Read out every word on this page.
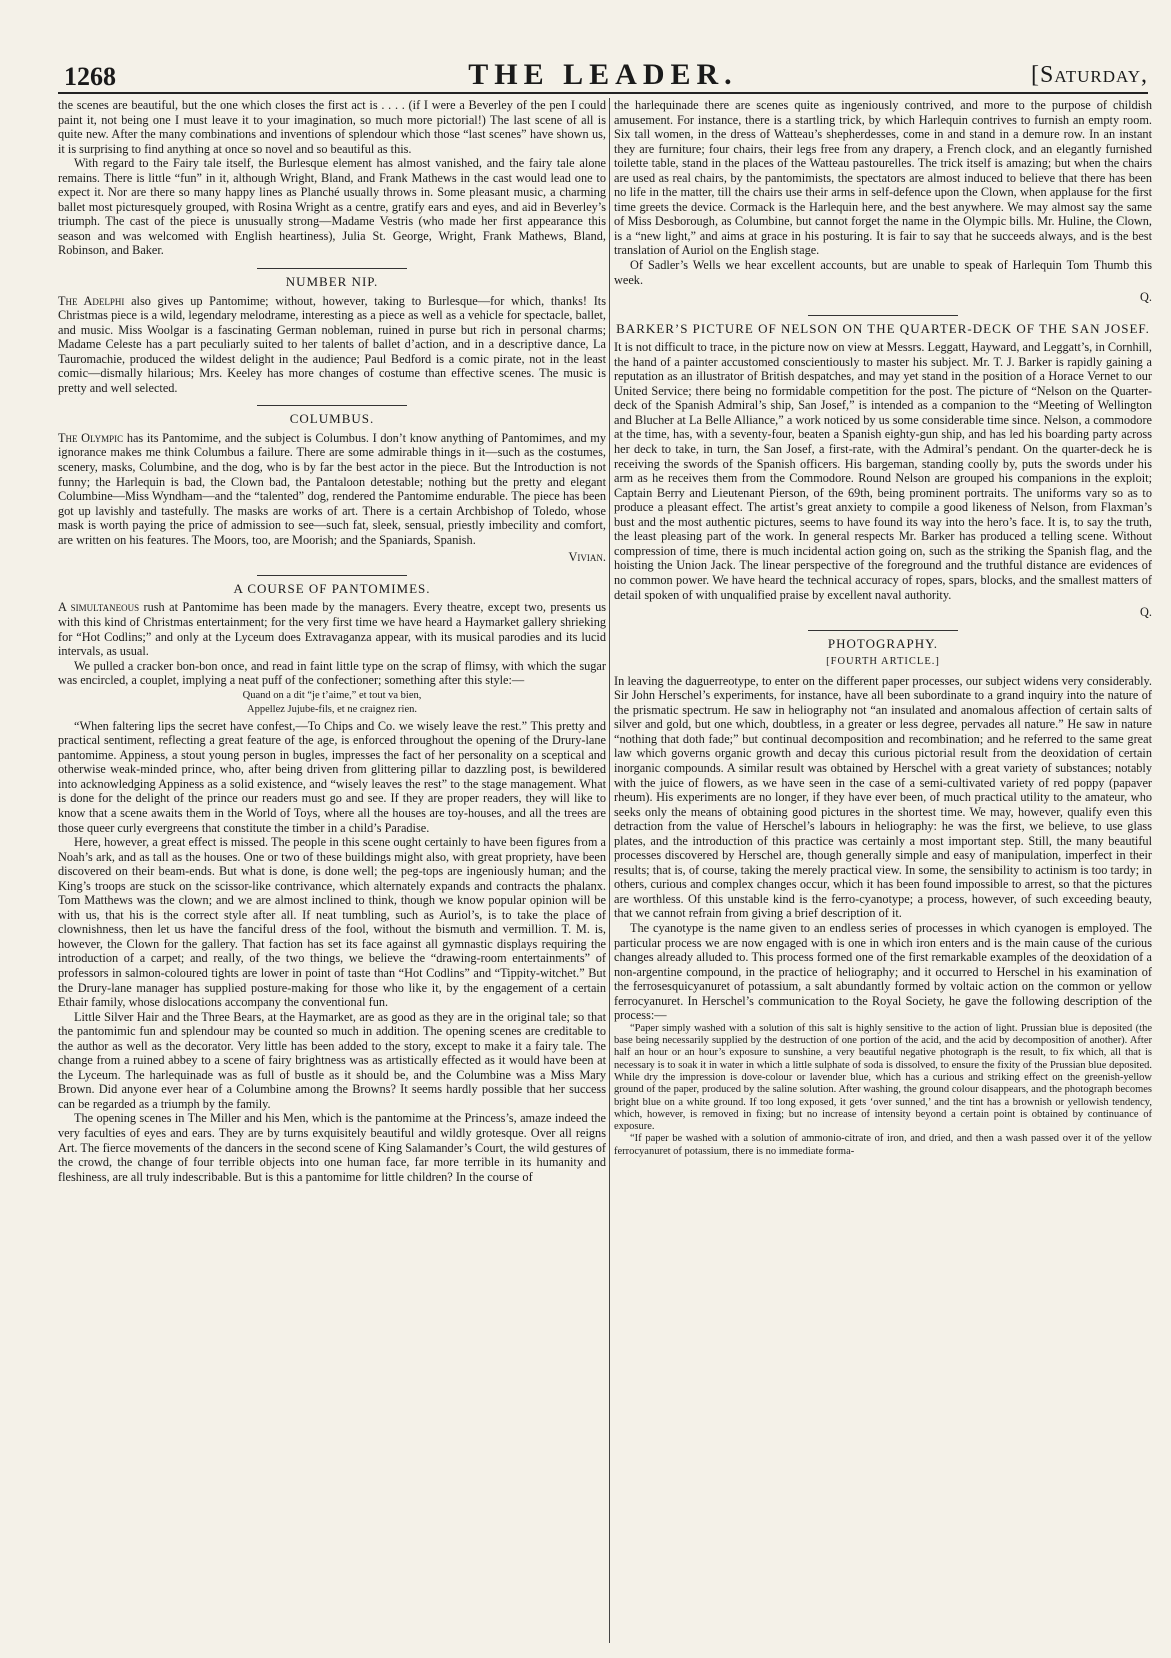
1268	THE LEADER.	[Saturday,

the scenes are beautiful, but the one which closes the first act is . . . . (if I were a Beverley of the pen I could paint it, not being one I must leave it to your imagination, so much more pictorial!) The last scene of all is quite new. After the many combinations and inventions of splendour which those “last scenes” have shown us, it is surprising to find anything at once so novel and so beautiful as this.

With regard to the Fairy tale itself, the Burlesque element has almost vanished, and the fairy tale alone remains. There is little “fun” in it, although Wright, Bland, and Frank Mathews in the cast would lead one to expect it. Nor are there so many happy lines as Planché usually throws in. Some pleasant music, a charming ballet most picturesquely grouped, with Rosina Wright as a centre, gratify ears and eyes, and aid in Beverley’s triumph. The cast of the piece is unusually strong—Madame Vestris (who made her first appearance this season and was welcomed with English heartiness), Julia St. George, Wright, Frank Mathews, Bland, Robinson, and Baker.

NUMBER NIP.

The Adelphi also gives up Pantomime; without, however, taking to Burlesque—for which, thanks! Its Christmas piece is a wild, legendary melodrame, interesting as a piece as well as a vehicle for spectacle, ballet, and music. Miss Woolgar is a fascinating German nobleman, ruined in purse but rich in personal charms; Madame Celeste has a part peculiarly suited to her talents of ballet d’action, and in a descriptive dance, La Tauromachie, produced the wildest delight in the audience; Paul Bedford is a comic pirate, not in the least comic—dismally hilarious; Mrs. Keeley has more changes of costume than effective scenes. The music is pretty and well selected.

COLUMBUS.

The Olympic has its Pantomime, and the subject is Columbus. I don’t know anything of Pantomimes, and my ignorance makes me think Columbus a failure. There are some admirable things in it—such as the costumes, scenery, masks, Columbine, and the dog, who is by far the best actor in the piece. But the Introduction is not funny; the Harlequin is bad, the Clown bad, the Pantaloon detestable; nothing but the pretty and elegant Columbine—Miss Wyndham—and the “talented” dog, rendered the Pantomime endurable. The piece has been got up lavishly and tastefully. The masks are works of art. There is a certain Archbishop of Toledo, whose mask is worth paying the price of admission to see—such fat, sleek, sensual, priestly imbecility and comfort, are written on his features. The Moors, too, are Moorish; and the Spaniards, Spanish.

Vivian.
A COURSE OF PANTOMIMES.

A simultaneous rush at Pantomime has been made by the managers. Every theatre, except two, presents us with this kind of Christmas entertainment; for the very first time we have heard a Haymarket gallery shrieking for “Hot Codlins;” and only at the Lyceum does Extravaganza appear, with its musical parodies and its lucid intervals, as usual.

We pulled a cracker bon-bon once, and read in faint little type on the scrap of flimsy, with which the sugar was encircled, a couplet, implying a neat puff of the confectioner; something after this style:—

Quand on a dit “je t’aime,” et tout va bien,
Appellez Jujube-fils, et ne craignez rien.

“When faltering lips the secret have confest,—To Chips and Co. we wisely leave the rest.” This pretty and practical sentiment, reflecting a great feature of the age, is enforced throughout the opening of the Drury-lane pantomime. Appiness, a stout young person in bugles, impresses the fact of her personality on a sceptical and otherwise weak-minded prince, who, after being driven from glittering pillar to dazzling post, is bewildered into acknowledging Appiness as a solid existence, and “wisely leaves the rest” to the stage management. What is done for the delight of the prince our readers must go and see. If they are proper readers, they will like to know that a scene awaits them in the World of Toys, where all the houses are toy-houses, and all the trees are those queer curly evergreens that constitute the timber in a child’s Paradise.

Here, however, a great effect is missed. The people in this scene ought certainly to have been figures from a Noah’s ark, and as tall as the houses. One or two of these buildings might also, with great propriety, have been discovered on their beam-ends. But what is done, is done well; the peg-tops are ingeniously human; and the King’s troops are stuck on the scissor-like contrivance, which alternately expands and contracts the phalanx. Tom Matthews was the clown; and we are almost inclined to think, though we know popular opinion will be with us, that his is the correct style after all. If neat tumbling, such as Auriol’s, is to take the place of clownishness, then let us have the fanciful dress of the fool, without the bismuth and vermillion. T. M. is, however, the Clown for the gallery. That faction has set its face against all gymnastic displays requiring the introduction of a carpet; and really, of the two things, we believe the “drawing-room entertainments” of professors in salmon-coloured tights are lower in point of taste than “Hot Codlins” and “Tippity-witchet.” But the Drury-lane manager has supplied posture-making for those who like it, by the engagement of a certain Ethair family, whose dislocations accompany the conventional fun.

Little Silver Hair and the Three Bears, at the Haymarket, are as good as they are in the original tale; so that the pantomimic fun and splendour may be counted so much in addition. The opening scenes are creditable to the author as well as the decorator. Very little has been added to the story, except to make it a fairy tale. The change from a ruined abbey to a scene of fairy brightness was as artistically effected as it would have been at the Lyceum. The harlequinade was as full of bustle as it should be, and the Columbine was a Miss Mary Brown. Did anyone ever hear of a Columbine among the Browns? It seems hardly possible that her success can be regarded as a triumph by the family.

The opening scenes in The Miller and his Men, which is the pantomime at the Princess’s, amaze indeed the very faculties of eyes and ears. They are by turns exquisitely beautiful and wildly grotesque. Over all reigns Art. The fierce movements of the dancers in the second scene of King Salamander’s Court, the wild gestures of the crowd, the change of four terrible objects into one human face, far more terrible in its humanity and fleshiness, are all truly indescribable. But is this a pantomime for little children? In the course of

the harlequinade there are scenes quite as ingeniously contrived, and more to the purpose of childish amusement. For instance, there is a startling trick, by which Harlequin contrives to furnish an empty room. Six tall women, in the dress of Watteau’s shepherdesses, come in and stand in a demure row. In an instant they are furniture; four chairs, their legs free from any drapery, a French clock, and an elegantly furnished toilette table, stand in the places of the Watteau pastourelles. The trick itself is amazing; but when the chairs are used as real chairs, by the pantomimists, the spectators are almost induced to believe that there has been no life in the matter, till the chairs use their arms in self-defence upon the Clown, when applause for the first time greets the device. Cormack is the Harlequin here, and the best anywhere. We may almost say the same of Miss Desborough, as Columbine, but cannot forget the name in the Olympic bills. Mr. Huline, the Clown, is a “new light,” and aims at grace in his posturing. It is fair to say that he succeeds always, and is the best translation of Auriol on the English stage.

Of Sadler’s Wells we hear excellent accounts, but are unable to speak of Harlequin Tom Thumb this week.

Q.
BARKER’S PICTURE OF NELSON ON THE QUARTER-DECK OF THE SAN JOSEF.

It is not difficult to trace, in the picture now on view at Messrs. Leggatt, Hayward, and Leggatt’s, in Cornhill, the hand of a painter accustomed conscientiously to master his subject. Mr. T. J. Barker is rapidly gaining a reputation as an illustrator of British despatches, and may yet stand in the position of a Horace Vernet to our United Service; there being no formidable competition for the post. The picture of “Nelson on the Quarter-deck of the Spanish Admiral’s ship, San Josef,” is intended as a companion to the “Meeting of Wellington and Blucher at La Belle Alliance,” a work noticed by us some considerable time since. Nelson, a commodore at the time, has, with a seventy-four, beaten a Spanish eighty-gun ship, and has led his boarding party across her deck to take, in turn, the San Josef, a first-rate, with the Admiral’s pendant. On the quarter-deck he is receiving the swords of the Spanish officers. His bargeman, standing coolly by, puts the swords under his arm as he receives them from the Commodore. Round Nelson are grouped his companions in the exploit; Captain Berry and Lieutenant Pierson, of the 69th, being prominent portraits. The uniforms vary so as to produce a pleasant effect. The artist’s great anxiety to compile a good likeness of Nelson, from Flaxman’s bust and the most authentic pictures, seems to have found its way into the hero’s face. It is, to say the truth, the least pleasing part of the work. In general respects Mr. Barker has produced a telling scene. Without compression of time, there is much incidental action going on, such as the striking the Spanish flag, and the hoisting the Union Jack. The linear perspective of the foreground and the truthful distance are evidences of no common power. We have heard the technical accuracy of ropes, spars, blocks, and the smallest matters of detail spoken of with unqualified praise by excellent naval authority.

Q.
PHOTOGRAPHY.
[FOURTH ARTICLE.]

In leaving the daguerreotype, to enter on the different paper processes, our subject widens very considerably. Sir John Herschel’s experiments, for instance, have all been subordinate to a grand inquiry into the nature of the prismatic spectrum. He saw in heliography not “an insulated and anomalous affection of certain salts of silver and gold, but one which, doubtless, in a greater or less degree, pervades all nature.” He saw in nature “nothing that doth fade;” but continual decomposition and recombination; and he referred to the same great law which governs organic growth and decay this curious pictorial result from the deoxidation of certain inorganic compounds. A similar result was obtained by Herschel with a great variety of substances; notably with the juice of flowers, as we have seen in the case of a semi-cultivated variety of red poppy (papaver rheum). His experiments are no longer, if they have ever been, of much practical utility to the amateur, who seeks only the means of obtaining good pictures in the shortest time. We may, however, qualify even this detraction from the value of Herschel’s labours in heliography: he was the first, we believe, to use glass plates, and the introduction of this practice was certainly a most important step. Still, the many beautiful processes discovered by Herschel are, though generally simple and easy of manipulation, imperfect in their results; that is, of course, taking the merely practical view. In some, the sensibility to actinism is too tardy; in others, curious and complex changes occur, which it has been found impossible to arrest, so that the pictures are worthless. Of this unstable kind is the ferro-cyanotype; a process, however, of such exceeding beauty, that we cannot refrain from giving a brief description of it.

The cyanotype is the name given to an endless series of processes in which cyanogen is employed. The particular process we are now engaged with is one in which iron enters and is the main cause of the curious changes already alluded to. This process formed one of the first remarkable examples of the deoxidation of a non-argentine compound, in the practice of heliography; and it occurred to Herschel in his examination of the ferrosesquicyanuret of potassium, a salt abundantly formed by voltaic action on the common or yellow ferrocyanuret. In Herschel’s communication to the Royal Society, he gave the following description of the process:—

“Paper simply washed with a solution of this salt is highly sensitive to the action of light. Prussian blue is deposited (the base being necessarily supplied by the destruction of one portion of the acid, and the acid by decomposition of another). After half an hour or an hour’s exposure to sunshine, a very beautiful negative photograph is the result, to fix which, all that is necessary is to soak it in water in which a little sulphate of soda is dissolved, to ensure the fixity of the Prussian blue deposited. While dry the impression is dove-colour or lavender blue, which has a curious and striking effect on the greenish-yellow ground of the paper, produced by the saline solution. After washing, the ground colour disappears, and the photograph becomes bright blue on a white ground. If too long exposed, it gets ‘over sunned,’ and the tint has a brownish or yellowish tendency, which, however, is removed in fixing; but no increase of intensity beyond a certain point is obtained by continuance of exposure.

“If paper be washed with a solution of ammonio-citrate of iron, and dried, and then a wash passed over it of the yellow ferrocyanuret of potassium, there is no immediate forma-
